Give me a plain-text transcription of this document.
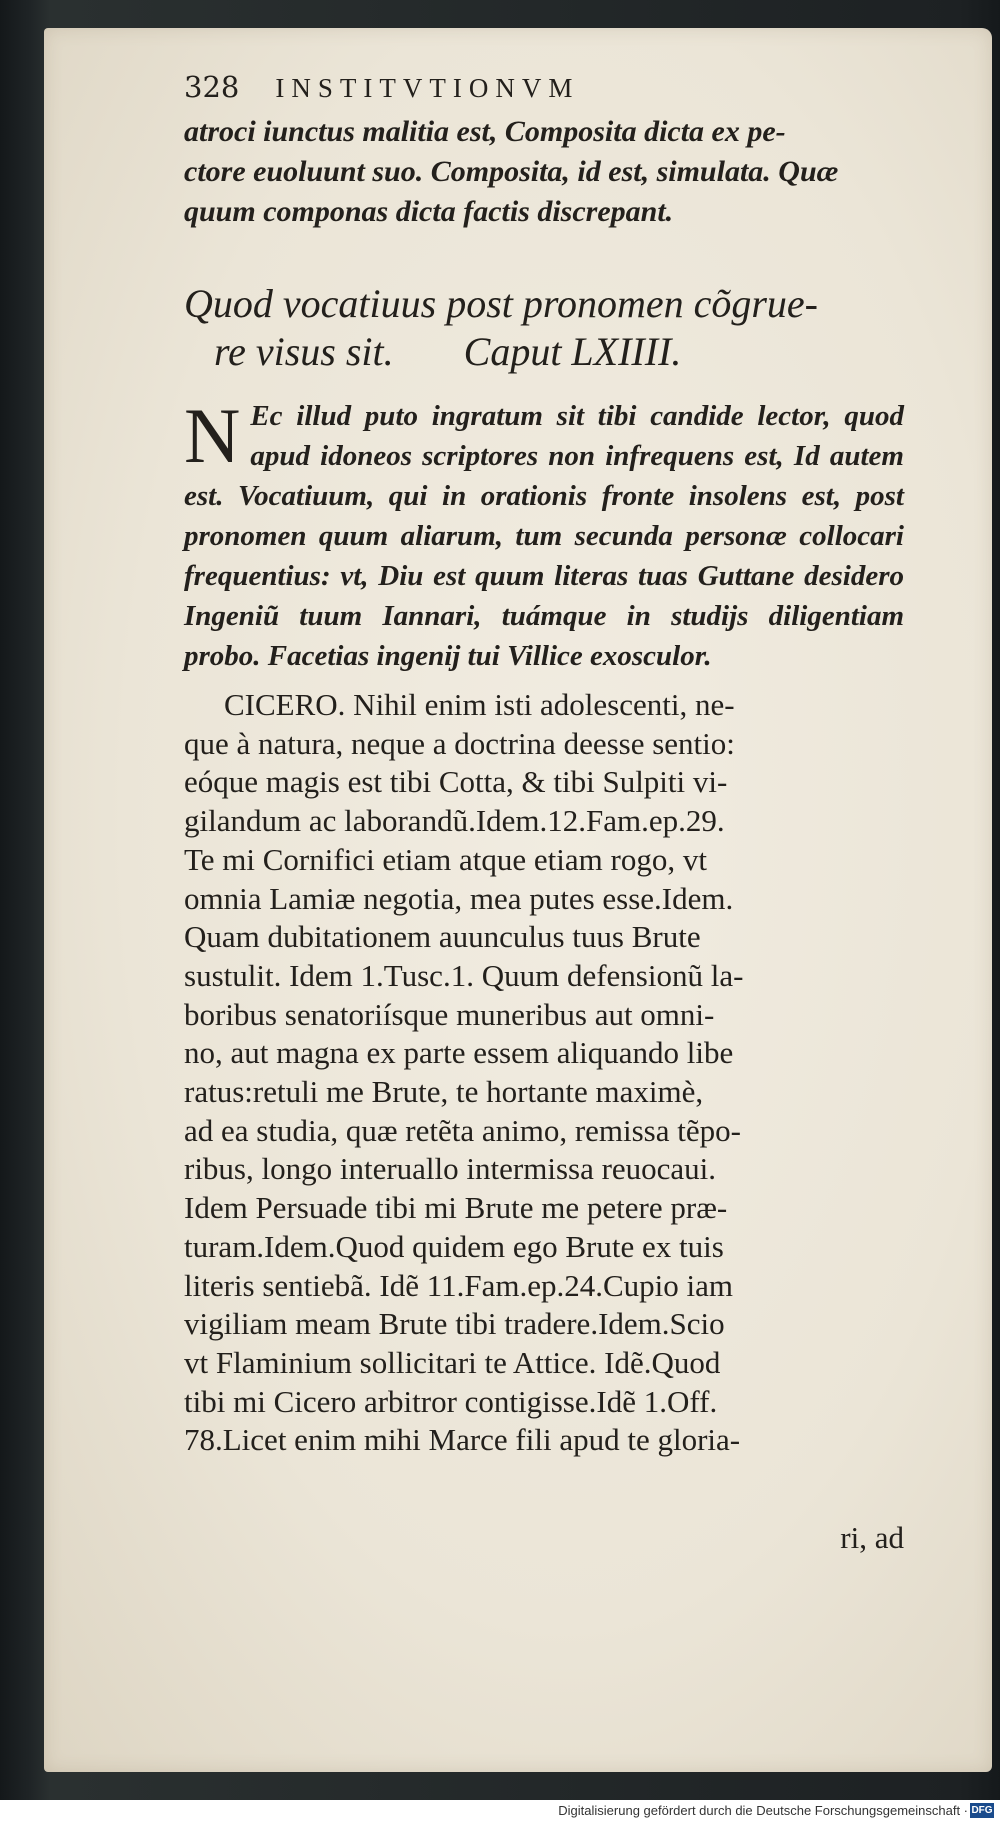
328 INSTITVTIONVM

atroci iunctus malitia est, Composita dicta ex pe-

ctore euoluunt suo. Composita, id est, simulata. Quæ

quum componas dicta factis discrepant.

Quod vocatiuus post pronomen cõgrue-
re visus sit. Caput LXIIII.

N Ec illud puto ingratum sit tibi candide lector, quod apud idoneos scriptores non infrequens est, Id autem est. Vocatiuum, qui in orationis fronte insolens est, post pronomen quum aliarum, tum secunda personæ collocari frequentius: vt, Diu est quum literas tuas Guttane desidero Ingeniũ tuum Iannari, tuámque in studijs diligentiam probo. Facetias ingenij tui Villice exosculor.

CICERO. Nihil enim isti adolescenti, ne-
que à natura, neque a doctrina deesse sentio:
eóque magis est tibi Cotta, & tibi Sulpiti vi-
gilandum ac laborandũ.Idem.12.Fam.ep.29.
Te mi Cornifici etiam atque etiam rogo, vt
omnia Lamiæ negotia, mea putes esse.Idem.
Quam dubitationem auunculus tuus Brute
sustulit. Idem 1.Tusc.1. Quum defensionũ la-
boribus senatoriísque muneribus aut omni-
no, aut magna ex parte essem aliquando libe
ratus:retuli me Brute, te hortante maximè,
ad ea studia, quæ retẽta animo, remissa tẽpo-
ribus, longo interuallo intermissa reuocaui.
Idem Persuade tibi mi Brute me petere præ-
turam.Idem.Quod quidem ego Brute ex tuis
literis sentiebã. Idẽ 11.Fam.ep.24.Cupio iam
vigiliam meam Brute tibi tradere.Idem.Scio
vt Flaminium sollicitari te Attice. Idẽ.Quod
tibi mi Cicero arbitror contigisse.Idẽ 1.Off.
78.Licet enim mihi Marce fili apud te gloria-
ri, ad
Digitalisierung gefördert durch die Deutsche Forschungsgemeinschaft · DFG
